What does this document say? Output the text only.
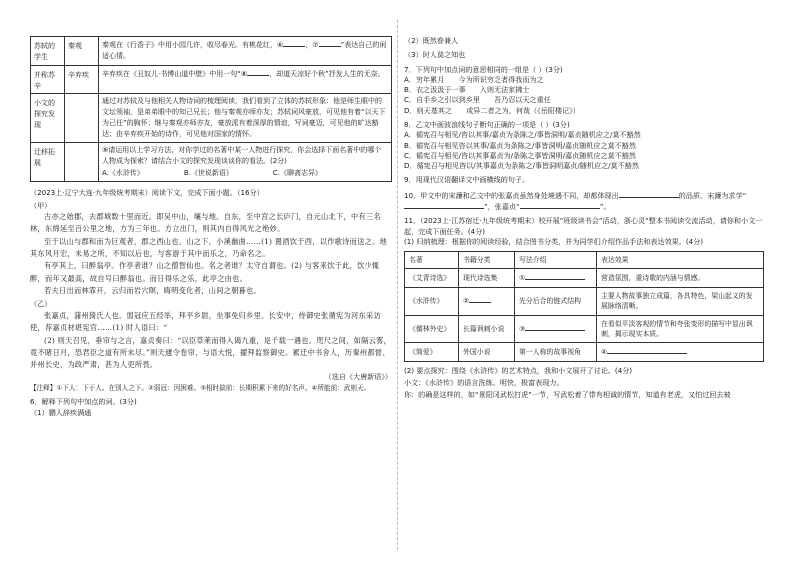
苏轼的学生	秦观	秦观在《行香子》中用小园几许，收尽春光。有桃花红，⑥ ，⑦ ”表达自己的闲适心情。
并称苏辛	辛弃疾	辛弃疾在《丑奴儿·书博山道中壁》中用一句“⑧ ，却道天凉好个秋”抒发人生的无奈。
小文的探究发现		通过对苏轼及与他相关人物诗词的梳理阅读，我们看到了立体的苏轼形象：他是师生眼中的文坛领袖，是弟弟眼中的知己兄长；他与秦观亦师亦友；苏轼词风豪放，可见他有着“以天下为己任”的胸怀；继与秦观亦师亦友，豪放派有着深厚的情谊，写词豪迈，可见他的旷达豁达；由辛弃疾开始的诗作，可见他对国家的情怀。
迁移拓展		⑨请运用以上学习方法，对你学过的名著中某一人物进行探究，你会选择下面名著中的哪个人物成为探索？请结合小文的探究发现谈谈你的看法。(2分)
A.《水浒传》 B.《世说新语》 C.《聊斋志异》
（2023上·辽宁大连·九年级统考期末）阅读下文，完成下面小题。（16分）
（甲）
古亦之始郡，去郡城数十里而近。即吴中山，壤与地。自东，至中宫之长庐门，自元山北下，中有三名林，东绵延至百公里之地，方为三年也。方立出门，则其内自得风光之绝妙。
至于以山与郡和而为巨观者，郡之西山也。山之下，小溪幽曲……(1) 置酒饮于西，以作歌诗而送之。地其东风月宏，未易之所，不知以后也，与客游于其中而乐之，乃命名之。
有亭其上，曰醉翁亭。作亭者谁？山之僧智仙也。名之者谁？太守自谓也。(2) 与客来饮于此，饮少辄醉，而年又最高，故自号曰醉翁也。而日得乐之乐，此亭之由也。
若夫日出而林霏开，云归而岩穴暝，晦明变化者，山间之朝暮也。
（乙）
张嘉贞，蒲州猗氏人也。弱冠应五经举，拜平乡尉，坐事免归乡里。长安中，侍御史张循宪为河东采访使，荐嘉贞材堪宪官……(1) 时人语曰：“
(2) 则天召见，垂帘与之言，嘉贞奏曰：“以臣草莱而得入谒九重，是千载一遇也。咫尺之间，如隔云雾，竟不睹日月，恐君臣之道有所未尽。”则天遽令卷帘，与语大悦，擢拜监察御史。累迁中书舍人，历秦州都督、并州长史，为政严肃，甚为人吏所畏。
（选自《大唐新语》）
【注释】①下人：下于人。在别人之下。②弱冠：因困难。③相时揣前：长期积累下来的好名声。④所能前：武则天。
6．解释下列句中加点的词。(3分)
（1）鹏人辞疾满通
（2）既然眷兼人
（3）时人莫之知也
7．下列句中加点词的意思相同的一组是（ ）(3分)
A．穷年累月　　今为所识穷乏者得我而为之
B．衣之汲汲于一事　　入则无法家拂士
C．自手乡之引以到乡里　　吾乃忍以天之重任
D．则天基其之　　或异二者之为，何哉（《岳阳楼记》）
8．乙文中画波浪线句子断句正确的一项是（ ）(3分)
A．循宪召与相见/咨以其事/嘉贞为条陈之/事皆洞明/嘉贞随机应之/莫不豁然
B．循宪召与相见咨以其事/嘉贞为条陈之/事皆洞明/嘉贞随机应之莫不豁然
C．循宪召与相见/咨以其事嘉贞为/条陈之事皆洞明/嘉贞随机应之莫不豁然
D．循宪召与相见咨以/其事嘉贞为条陈之/事皆洞明嘉贞/随机应之/莫不豁然
9．用现代汉语翻译文中画横线的句子。
10．甲文中的宋濂和乙文中的张嘉贞虽然身处境遇不同，却都体现出	的品质。宋濂为求学“”，张嘉贞“	”。
11．（2023上·江苏宿迁·九年级统考期末）校开展“班级读书会”活动，浙心灵“整本书阅读交流活动，请你和小文一起，完成下面任务。(4分)
(1) 归纳梳理：根据你的阅读经验，结合图书分类，并为同学们介绍作品手法和表达效果。(4分)
名著	书籍分类	写法介绍	表达效果
《艾青诗选》	现代诗选集	①	营造氛围，重诗歌的内涵与情感。
《水浒传》	②	先分后合的链式结构	主要人物故事独立成篇，各具特色，梁山起义的发展脉络清晰。
《儒林外史》	长篇讽刺小说	③	在看似平淡客观的情节和夸张变形的描写中显出讽刺，揭示现实本质。
《简爱》	外国小说	第一人称的故事视角	④
(2) 要点探究：围绕《水浒传》的艺术特点，我和小文展开了讨论。(4分)
小文：《水浒传》的语言洗练、明快，极富表现力。
你：的确是这样的，如“景阳冈武松打虎”一节，写武松着了带有相诚的情节，知道有老虎，又怕过回去被
